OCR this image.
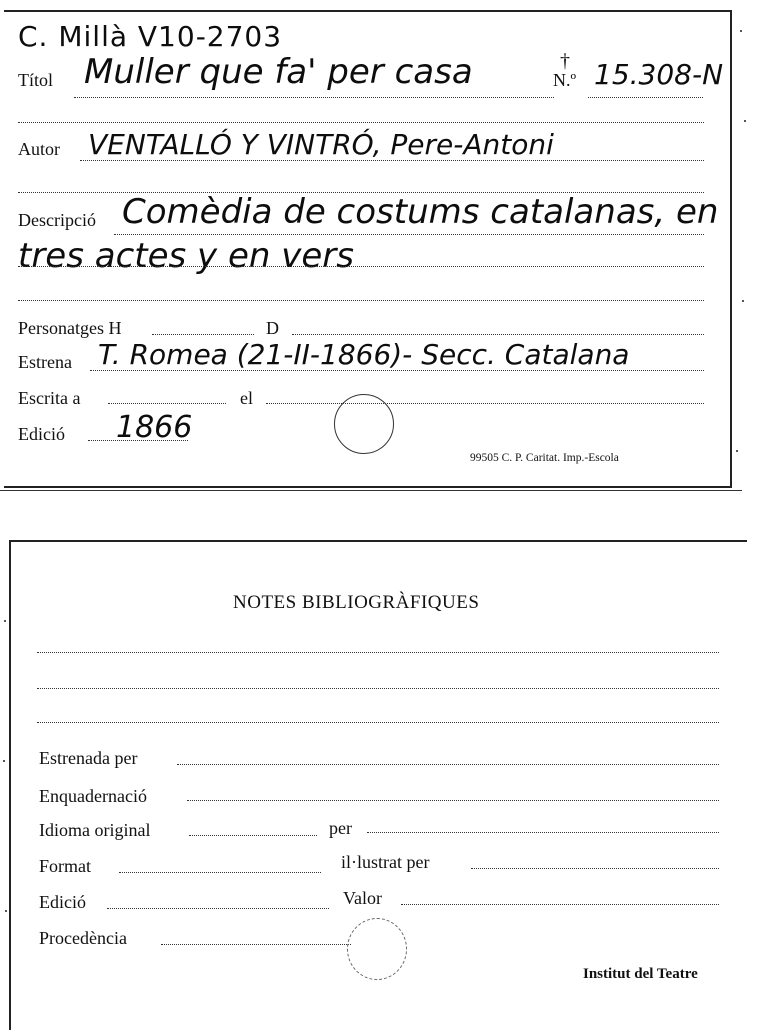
C. Millà V10-2703
Títol Muller que fa' per casa	†
N.º 15.308-N
Autor VENTALLÓ Y VINTRÓ, Pere-Antoni
Descripció Comèdia de costums catalanas, en
tres actes y en vers
Personatges H	D
Estrena T. Romea (21-II-1866)- Secc. Catalana
Escrita a	el
Edició 1866
99505 C. P. Caritat. Imp.-Escola
NOTES BIBLIOGRÀFIQUES
Estrenada per
Enquadernació
Idioma original	per
Format	il·lustrat per
Edició	Valor
Procedència
Institut del Teatre
